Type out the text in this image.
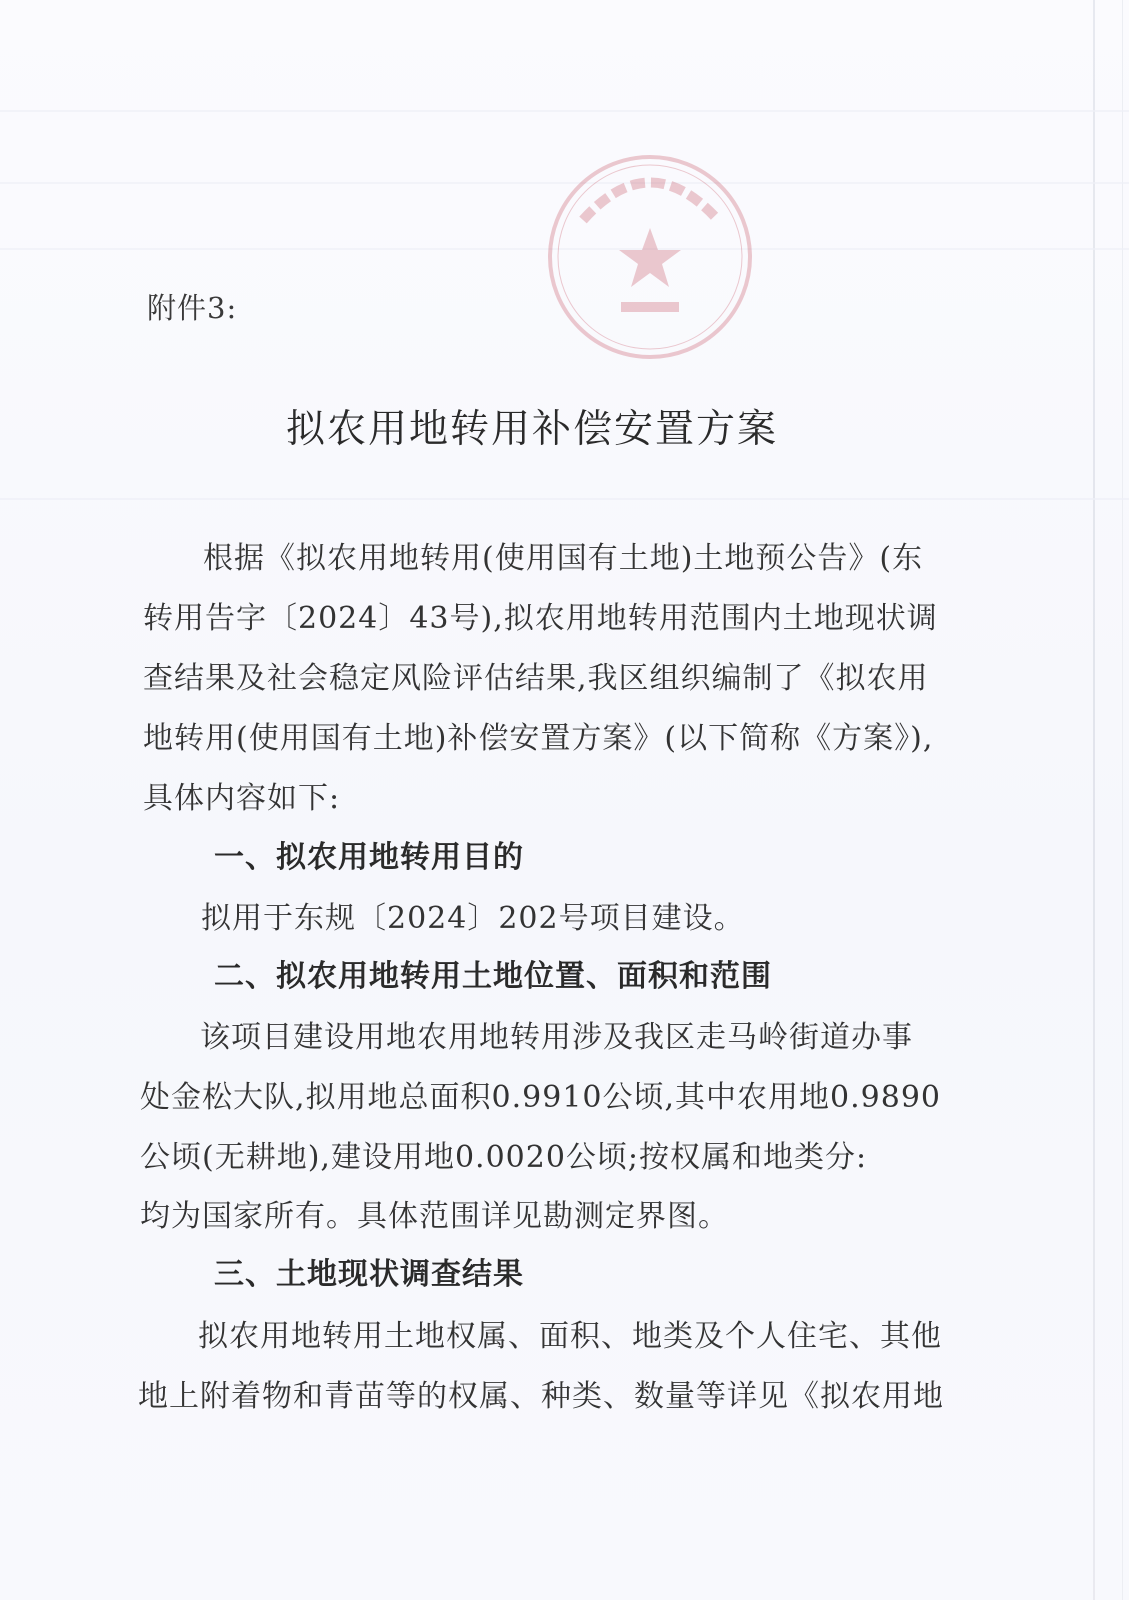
附件3:
拟农用地转用补偿安置方案
根据《拟农用地转用(使用国有土地)土地预公告》(东
转用告字〔2024〕43号),拟农用地转用范围内土地现状调
查结果及社会稳定风险评估结果,我区组织编制了《拟农用
地转用(使用国有土地)补偿安置方案》(以下简称《方案》),
具体内容如下:
一、拟农用地转用目的
拟用于东规〔2024〕202号项目建设。
二、拟农用地转用土地位置、面积和范围
该项目建设用地农用地转用涉及我区走马岭街道办事
处金松大队,拟用地总面积0.9910公顷,其中农用地0.9890
公顷(无耕地),建设用地0.0020公顷;按权属和地类分:
均为国家所有。具体范围详见勘测定界图。
三、土地现状调查结果
拟农用地转用土地权属、面积、地类及个人住宅、其他
地上附着物和青苗等的权属、种类、数量等详见《拟农用地
